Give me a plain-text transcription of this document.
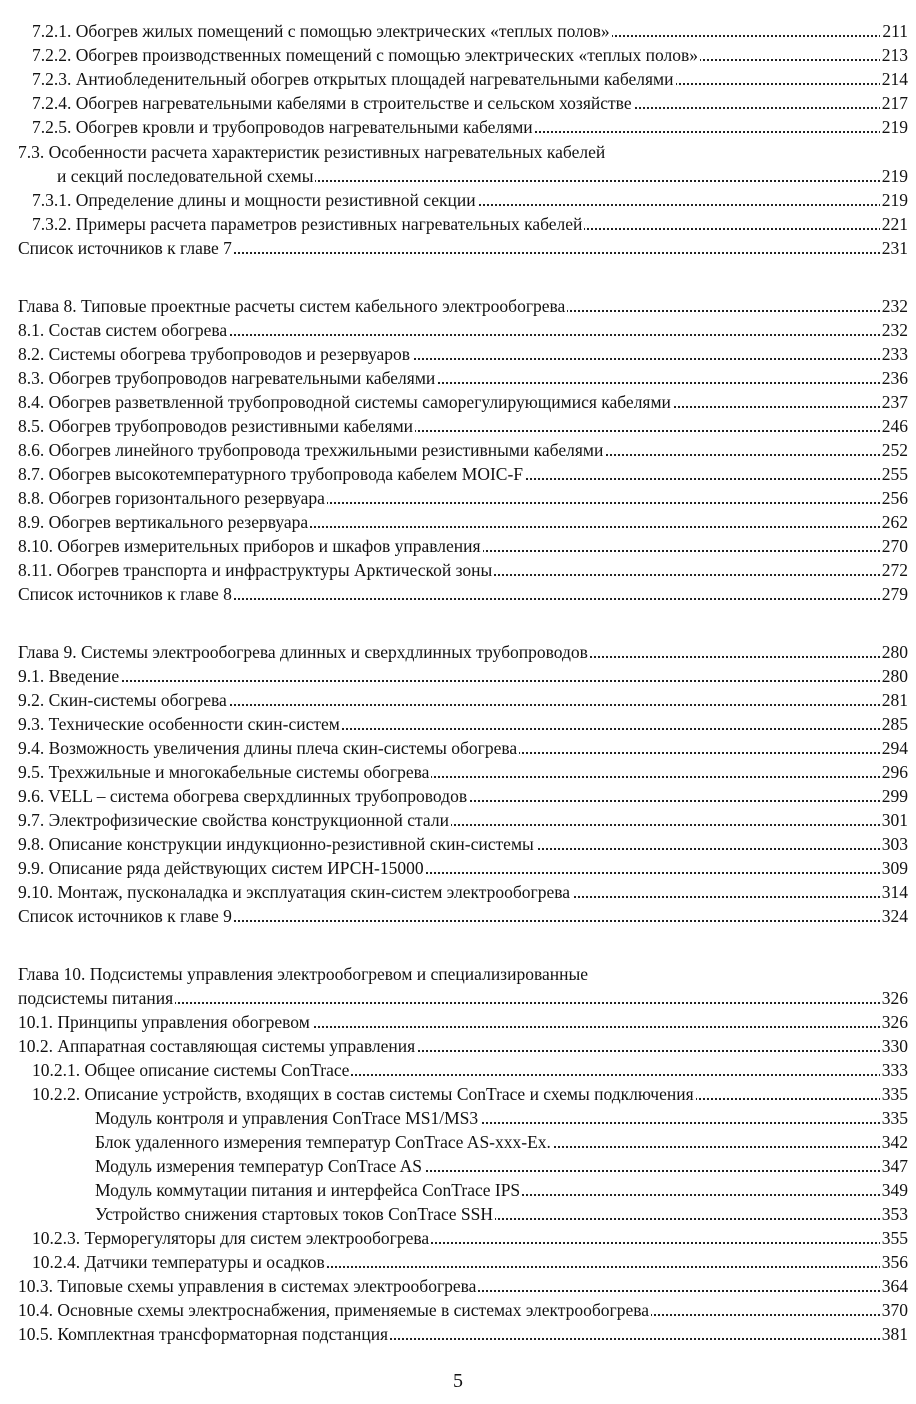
7.2.1. Обогрев жилых помещений с помощью электрических «теплых полов»	211
7.2.2. Обогрев производственных помещений с помощью электрических «теплых полов»	213
7.2.3. Антиобледенительный обогрев открытых площадей нагревательными кабелями	214
7.2.4. Обогрев нагревательными кабелями в строительстве и сельском хозяйстве	217
7.2.5. Обогрев кровли и трубопроводов нагревательными кабелями	219
7.3. Особенности расчета характеристик резистивных нагревательных кабелей
и секций последовательной схемы	219
7.3.1. Определение длины и мощности резистивной секции	219
7.3.2. Примеры расчета параметров резистивных нагревательных кабелей	221
Список источников к главе 7	231
Глава 8. Типовые проектные расчеты систем кабельного электрообогрева	232
8.1. Состав систем обогрева	232
8.2. Системы обогрева трубопроводов и резервуаров	233
8.3. Обогрев трубопроводов нагревательными кабелями	236
8.4. Обогрев разветвленной трубопроводной системы саморегулирующимися кабелями	237
8.5. Обогрев трубопроводов резистивными кабелями	246
8.6. Обогрев линейного трубопровода трехжильными резистивными кабелями	252
8.7. Обогрев высокотемпературного трубопровода кабелем MOIC-F	255
8.8. Обогрев горизонтального резервуара	256
8.9. Обогрев вертикального резервуара	262
8.10. Обогрев измерительных приборов и шкафов управления	270
8.11. Обогрев транспорта и инфраструктуры Арктической зоны	272
Список источников к главе 8	279
Глава 9. Системы электрообогрева длинных и сверхдлинных трубопроводов	280
9.1. Введение	280
9.2. Скин-системы обогрева	281
9.3. Технические особенности скин-систем	285
9.4. Возможность увеличения длины плеча скин-системы обогрева	294
9.5. Трехжильные и многокабельные системы обогрева	296
9.6. VELL – система обогрева сверхдлинных трубопроводов	299
9.7. Электрофизические свойства конструкционной стали	301
9.8. Описание конструкции индукционно-резистивной скин-системы	303
9.9. Описание ряда действующих систем ИРСН-15000	309
9.10. Монтаж, пусконаладка и эксплуатация скин-систем электрообогрева	314
Список источников к главе 9	324
Глава 10. Подсистемы управления электрообогревом и специализированные
подсистемы питания	326
10.1. Принципы управления обогревом	326
10.2. Аппаратная составляющая системы управления	330
10.2.1. Общее описание системы ConTrace	333
10.2.2. Описание устройств, входящих в состав системы ConTrace и схемы подключения	335
Модуль контроля и управления ConTrace MS1/MS3	335
Блок удаленного измерения температур ConTrace AS-xxx-Ex.	342
Модуль измерения температур ConTrace AS	347
Модуль коммутации питания и интерфейса ConTrace IPS	349
Устройство снижения стартовых токов ConTrace SSH	353
10.2.3. Терморегуляторы для систем электрообогрева	355
10.2.4. Датчики температуры и осадков	356
10.3. Типовые схемы управления в системах электрообогрева	364
10.4. Основные схемы электроснабжения, применяемые в системах электрообогрева	370
10.5. Комплектная трансформаторная подстанция	381
5
